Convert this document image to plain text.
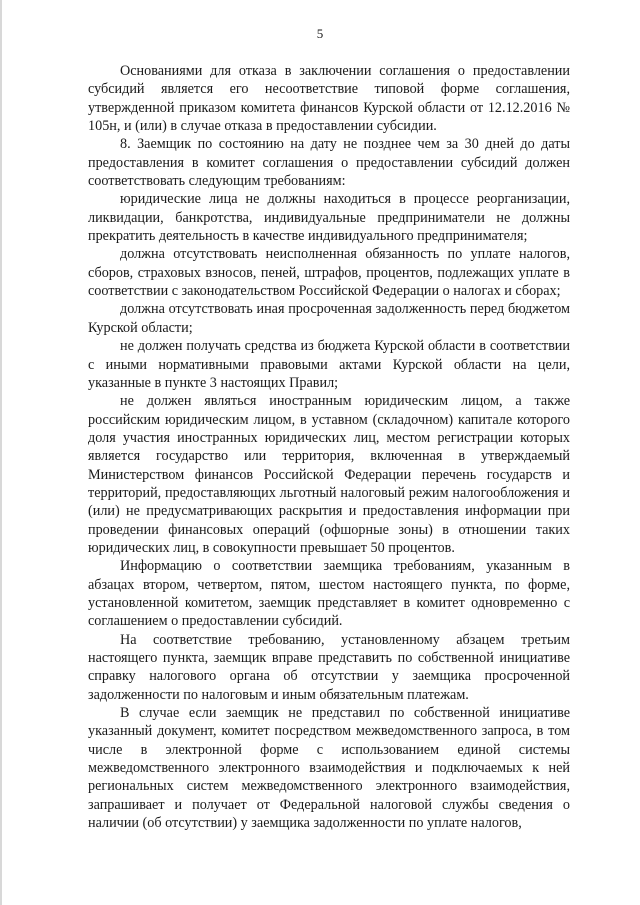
5

Основаниями для отказа в заключении соглашения о предоставлении субсидий является его несоответствие типовой форме соглашения, утвержденной приказом комитета финансов Курской области от 12.12.2016 № 105н, и (или) в случае отказа в предоставлении субсидии.

8. Заемщик по состоянию на дату не позднее чем за 30 дней до даты предоставления в комитет соглашения о предоставлении субсидий должен соответствовать следующим требованиям:

юридические лица не должны находиться в процессе реорганизации, ликвидации, банкротства, индивидуальные предприниматели не должны прекратить деятельность в качестве индивидуального предпринимателя;

должна отсутствовать неисполненная обязанность по уплате налогов, сборов, страховых взносов, пеней, штрафов, процентов, подлежащих уплате в соответствии с законодательством Российской Федерации о налогах и сборах;

должна отсутствовать иная просроченная задолженность перед бюджетом Курской области;

не должен получать средства из бюджета Курской области в соответствии с иными нормативными правовыми актами Курской области на цели, указанные в пункте 3 настоящих Правил;

не должен являться иностранным юридическим лицом, а также российским юридическим лицом, в уставном (складочном) капитале которого доля участия иностранных юридических лиц, местом регистрации которых является государство или территория, включенная в утверждаемый Министерством финансов Российской Федерации перечень государств и территорий, предоставляющих льготный налоговый режим налогообложения и (или) не предусматривающих раскрытия и предоставления информации при проведении финансовых операций (офшорные зоны) в отношении таких юридических лиц, в совокупности превышает 50 процентов.

Информацию о соответствии заемщика требованиям, указанным в абзацах втором, четвертом, пятом, шестом настоящего пункта, по форме, установленной комитетом, заемщик представляет в комитет одновременно с соглашением о предоставлении субсидий.

На соответствие требованию, установленному абзацем третьим настоящего пункта, заемщик вправе представить по собственной инициативе справку налогового органа об отсутствии у заемщика просроченной задолженности по налоговым и иным обязательным платежам.

В случае если заемщик не представил по собственной инициативе указанный документ, комитет посредством межведомственного запроса, в том числе в электронной форме с использованием единой системы межведомственного электронного взаимодействия и подключаемых к ней региональных систем межведомственного электронного взаимодействия, запрашивает и получает от Федеральной налоговой службы сведения о наличии (об отсутствии) у заемщика задолженности по уплате налогов,
